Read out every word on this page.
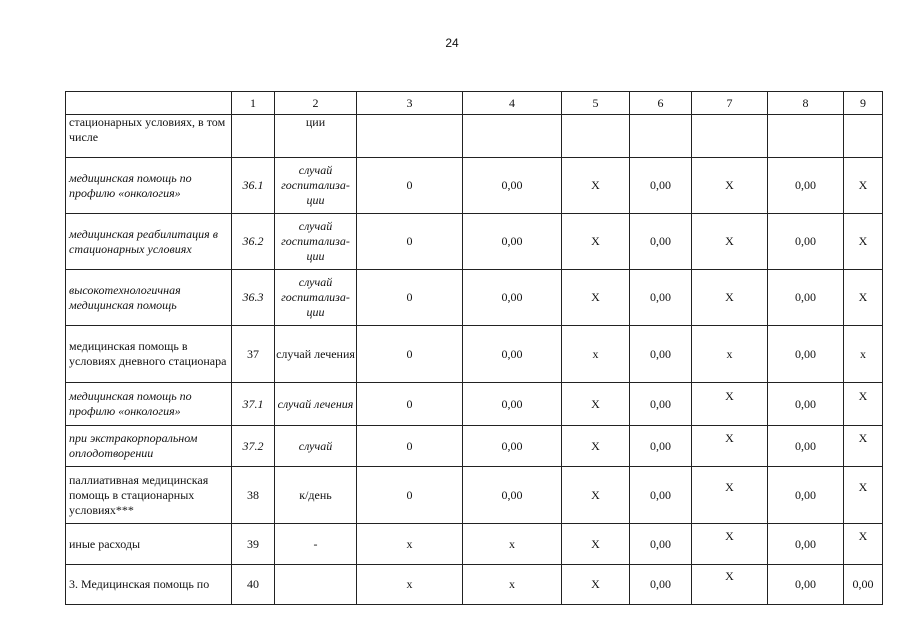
24
	1	2	3	4	5	6	7	8	9
стационарных условиях, в том числе		ции							

медицинская помощь по профилю «онкология»	36.1	случай госпитализа-ции	0	0,00	X	0,00	X	0,00	X

медицинская реабилитация в стационарных условиях	36.2	случай госпитализа-ции	0	0,00	X	0,00	X	0,00	X

высокотехнологичная медицинская помощь	36.3	случай госпитализа-ции	0	0,00	X	0,00	X	0,00	X

медицинская помощь в условиях дневного стационара	37	случай лечения	0	0,00	x	0,00	x	0,00	x

медицинская помощь по профилю «онкология»	37.1	случай лечения	0	0,00	X	0,00	X	0,00	X

при экстракорпоральном оплодотворении	37.2	случай	0	0,00	X	0,00	X	0,00	X

паллиативная медицинская помощь в стационарных условиях***	38	к/день	0	0,00	X	0,00	X	0,00	X

иные расходы	39	-	x	x	X	0,00	X	0,00	X

3. Медицинская помощь по	40		x	x	X	0,00	X	0,00	0,00
